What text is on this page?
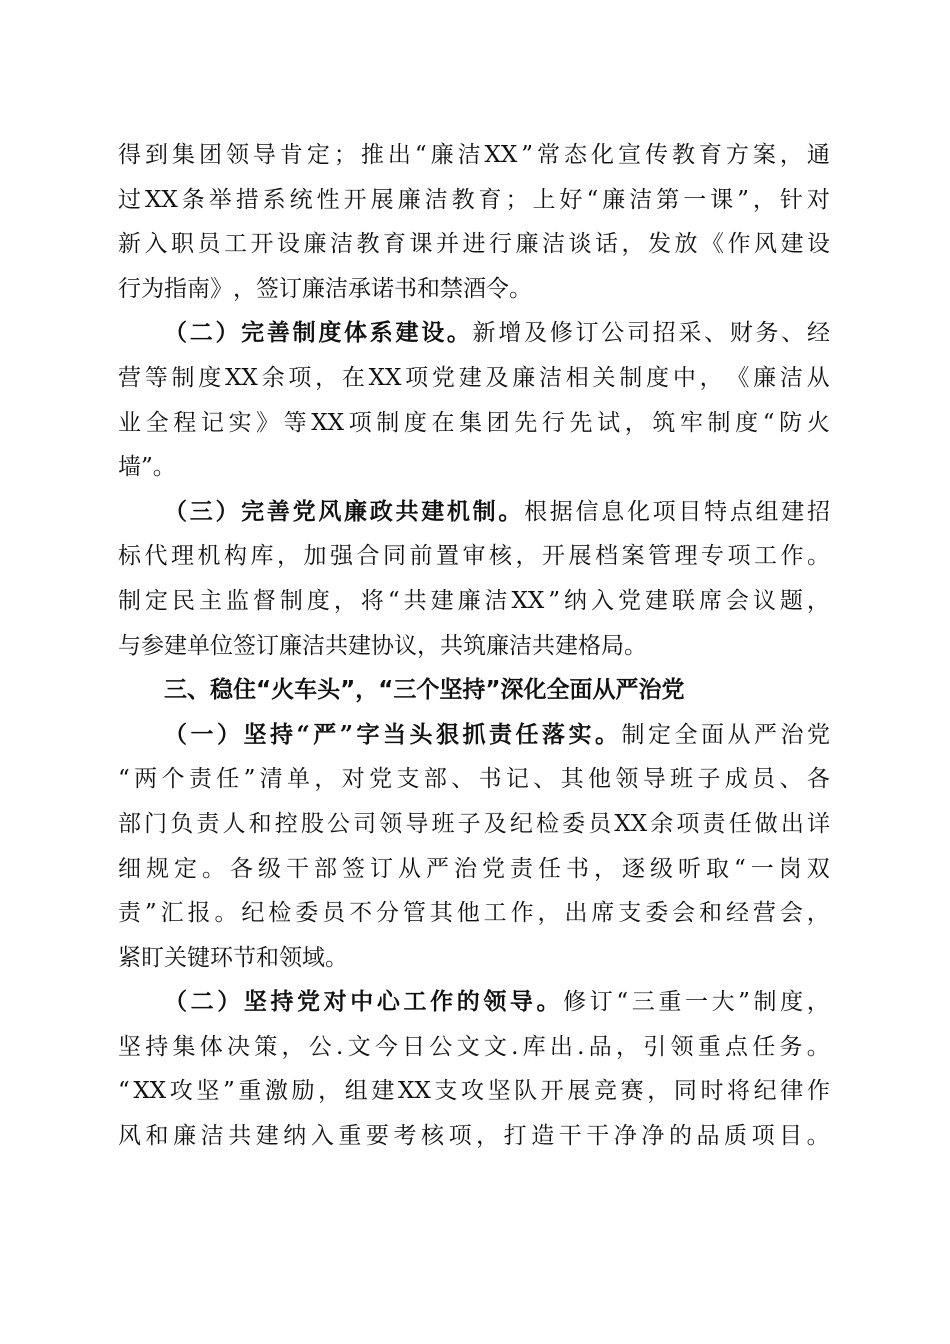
得 到 集 团 领 导 肯 定 ； 推 出 “ 廉 洁 XX ” 常 态 化 宣 传 教 育 方 案 ， 通
过 XX 条 举 措 系 统 性 开 展 廉 洁 教 育 ； 上 好 “ 廉 洁 第 一 课 ” ， 针 对
新 入 职 员 工 开 设 廉 洁 教 育 课 并 进 行 廉 洁 谈 话 ， 发 放 《 作 风 建 设
行 为 指 南 》 ， 签 订 廉 洁 承 诺 书 和 禁 酒 令 。
（ 二 ） 完 善 制 度 体 系 建 设 。 新 增 及 修 订 公 司 招 采 、 财 务 、 经
营 等 制 度 XX 余 项 ， 在 XX 项 党 建 及 廉 洁 相 关 制 度 中 ， 《 廉 洁 从
业 全 程 记 实 》 等 XX 项 制 度 在 集 团 先 行 先 试 ， 筑 牢 制 度 “ 防 火
墙 ” 。
（ 三 ） 完 善 党 风 廉 政 共 建 机 制 。 根 据 信 息 化 项 目 特 点 组 建 招
标 代 理 机 构 库 ， 加 强 合 同 前 置 审 核 ， 开 展 档 案 管 理 专 项 工 作 。
制 定 民 主 监 督 制 度 ， 将 “ 共 建 廉 洁 XX ” 纳 入 党 建 联 席 会 议 题 ，
与 参 建 单 位 签 订 廉 洁 共 建 协 议 ， 共 筑 廉 洁 共 建 格 局 。
三、稳住“火车头”，“三个坚持”深化全面从严治党
（ 一 ） 坚 持 “ 严 ” 字 当 头 狠 抓 责 任 落 实 。 制 定 全 面 从 严 治 党
“ 两 个 责 任 ” 清 单 ， 对 党 支 部 、 书 记 、 其 他 领 导 班 子 成 员 、 各
部 门 负 责 人 和 控 股 公 司 领 导 班 子 及 纪 检 委 员 XX 余 项 责 任 做 出 详
细 规 定 。 各 级 干 部 签 订 从 严 治 党 责 任 书 ， 逐 级 听 取 “ 一 岗 双
责 ” 汇 报 。 纪 检 委 员 不 分 管 其 他 工 作 ， 出 席 支 委 会 和 经 营 会 ，
紧 盯 关 键 环 节 和 领 域 。
（ 二 ） 坚 持 党 对 中 心 工 作 的 领 导 。 修 订 “ 三 重 一 大 ” 制 度 ，
坚 持 集 体 决 策 ， 公 . 文 今 日 公 文 文 . 库 出 . 品 ， 引 领 重 点 任 务 。
“ XX 攻 坚 ” 重 激 励 ， 组 建 XX 支 攻 坚 队 开 展 竞 赛 ， 同 时 将 纪 律 作
风 和 廉 洁 共 建 纳 入 重 要 考 核 项 ， 打 造 干 干 净 净 的 品 质 项 目 。
